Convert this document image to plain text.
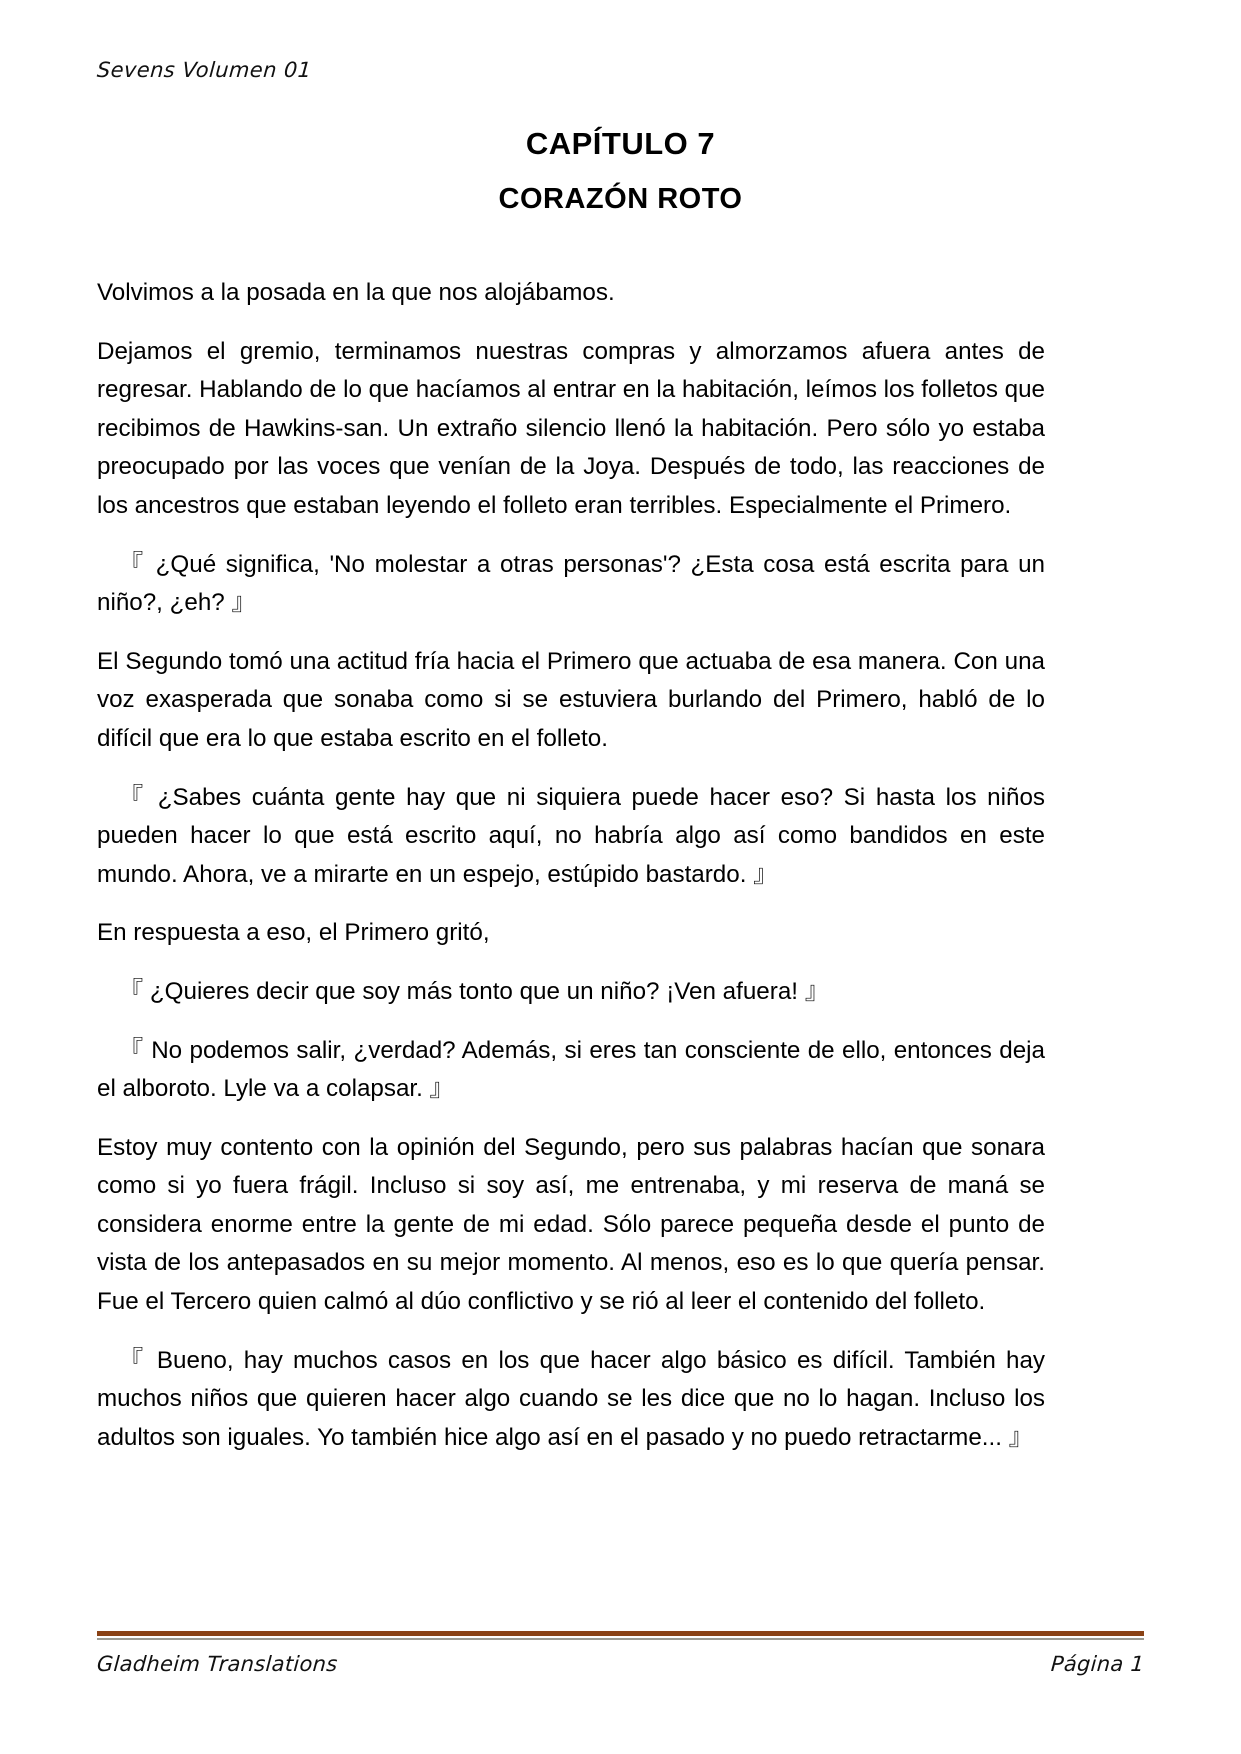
Sevens Volumen 01
CAPÍTULO 7
CORAZÓN ROTO

Volvimos a la posada en la que nos alojábamos.

Dejamos el gremio, terminamos nuestras compras y almorzamos afuera antes de regresar. Hablando de lo que hacíamos al entrar en la habitación, leímos los folletos que recibimos de Hawkins-san. Un extraño silencio llenó la habitación. Pero sólo yo estaba preocupado por las voces que venían de la Joya. Después de todo, las reacciones de los ancestros que estaban leyendo el folleto eran terribles. Especialmente el Primero.

『 ¿Qué significa, 'No molestar a otras personas'? ¿Esta cosa está escrita para un niño?, ¿eh? 』

El Segundo tomó una actitud fría hacia el Primero que actuaba de esa manera. Con una voz exasperada que sonaba como si se estuviera burlando del Primero, habló de lo difícil que era lo que estaba escrito en el folleto.

『 ¿Sabes cuánta gente hay que ni siquiera puede hacer eso? Si hasta los niños pueden hacer lo que está escrito aquí, no habría algo así como bandidos en este mundo. Ahora, ve a mirarte en un espejo, estúpido bastardo. 』

En respuesta a eso, el Primero gritó,

『 ¿Quieres decir que soy más tonto que un niño? ¡Ven afuera! 』

『 No podemos salir, ¿verdad? Además, si eres tan consciente de ello, entonces deja el alboroto. Lyle va a colapsar. 』

Estoy muy contento con la opinión del Segundo, pero sus palabras hacían que sonara como si yo fuera frágil. Incluso si soy así, me entrenaba, y mi reserva de maná se considera enorme entre la gente de mi edad. Sólo parece pequeña desde el punto de vista de los antepasados en su mejor momento. Al menos, eso es lo que quería pensar. Fue el Tercero quien calmó al dúo conflictivo y se rió al leer el contenido del folleto.

『 Bueno, hay muchos casos en los que hacer algo básico es difícil. También hay muchos niños que quieren hacer algo cuando se les dice que no lo hagan. Incluso los adultos son iguales. Yo también hice algo así en el pasado y no puedo retractarme... 』

Gladheim Translations	Página 1
